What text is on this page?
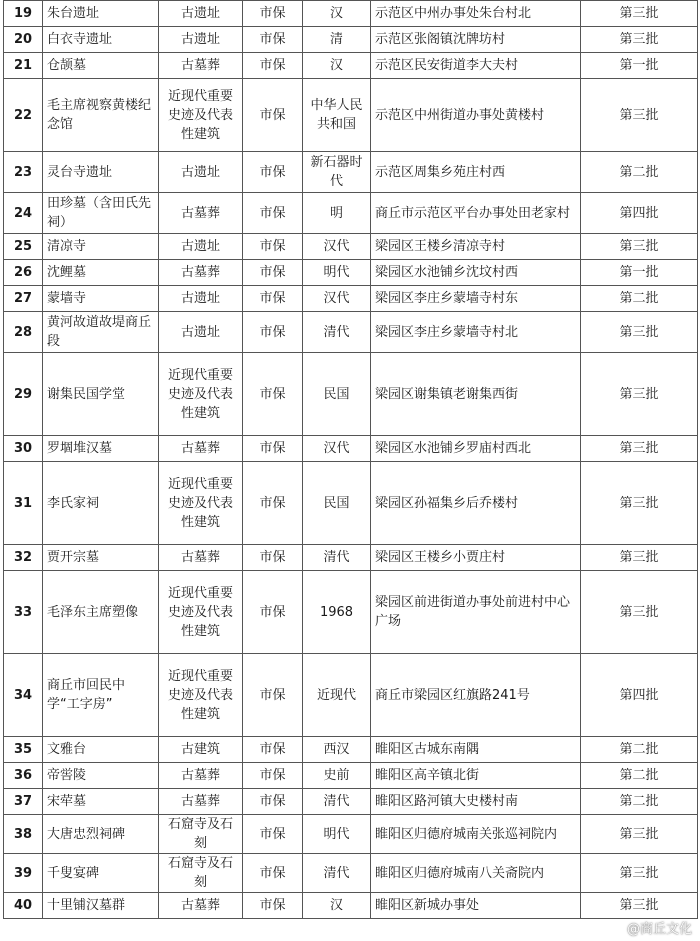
19	朱台遗址	古遗址	市保	汉	示范区中州办事处朱台村北	第三批
20	白衣寺遗址	古遗址	市保	清	示范区张阁镇沈牌坊村	第三批
21	仓颉墓	古墓葬	市保	汉	示范区民安街道李大夫村	第一批
22	毛主席视察黄楼纪念馆	近现代重要史迹及代表性建筑	市保	中华人民共和国	示范区中州街道办事处黄楼村	第三批
23	灵台寺遗址	古遗址	市保	新石器时代	示范区周集乡苑庄村西	第二批
24	田珍墓（含田氏先祠）	古墓葬	市保	明	商丘市示范区平台办事处田老家村	第四批
25	清凉寺	古遗址	市保	汉代	梁园区王楼乡清凉寺村	第三批
26	沈鲤墓	古墓葬	市保	明代	梁园区水池铺乡沈坟村西	第一批
27	蒙墙寺	古遗址	市保	汉代	梁园区李庄乡蒙墙寺村东	第二批
28	黄河故道故堤商丘段	古遗址	市保	清代	梁园区李庄乡蒙墙寺村北	第三批
29	谢集民国学堂	近现代重要史迹及代表性建筑	市保	民国	梁园区谢集镇老谢集西街	第三批
30	罗堌堆汉墓	古墓葬	市保	汉代	梁园区水池铺乡罗庙村西北	第三批
31	李氏家祠	近现代重要史迹及代表性建筑	市保	民国	梁园区孙福集乡后乔楼村	第三批
32	贾开宗墓	古墓葬	市保	清代	梁园区王楼乡小贾庄村	第三批
33	毛泽东主席塑像	近现代重要史迹及代表性建筑	市保	1968	梁园区前进街道办事处前进村中心广场	第三批
34	商丘市回民中学“工字房”	近现代重要史迹及代表性建筑	市保	近现代	商丘市梁园区红旗路241号	第四批
35	文雅台	古建筑	市保	西汉	睢阳区古城东南隅	第二批
36	帝喾陵	古墓葬	市保	史前	睢阳区高辛镇北街	第二批
37	宋荦墓	古墓葬	市保	清代	睢阳区路河镇大史楼村南	第二批
38	大唐忠烈祠碑	石窟寺及石刻	市保	明代	睢阳区归德府城南关张巡祠院内	第三批
39	千叟宴碑	石窟寺及石刻	市保	清代	睢阳区归德府城南八关斋院内	第三批
40	十里铺汉墓群	古墓葬	市保	汉	睢阳区新城办事处	第三批
@商丘文化
